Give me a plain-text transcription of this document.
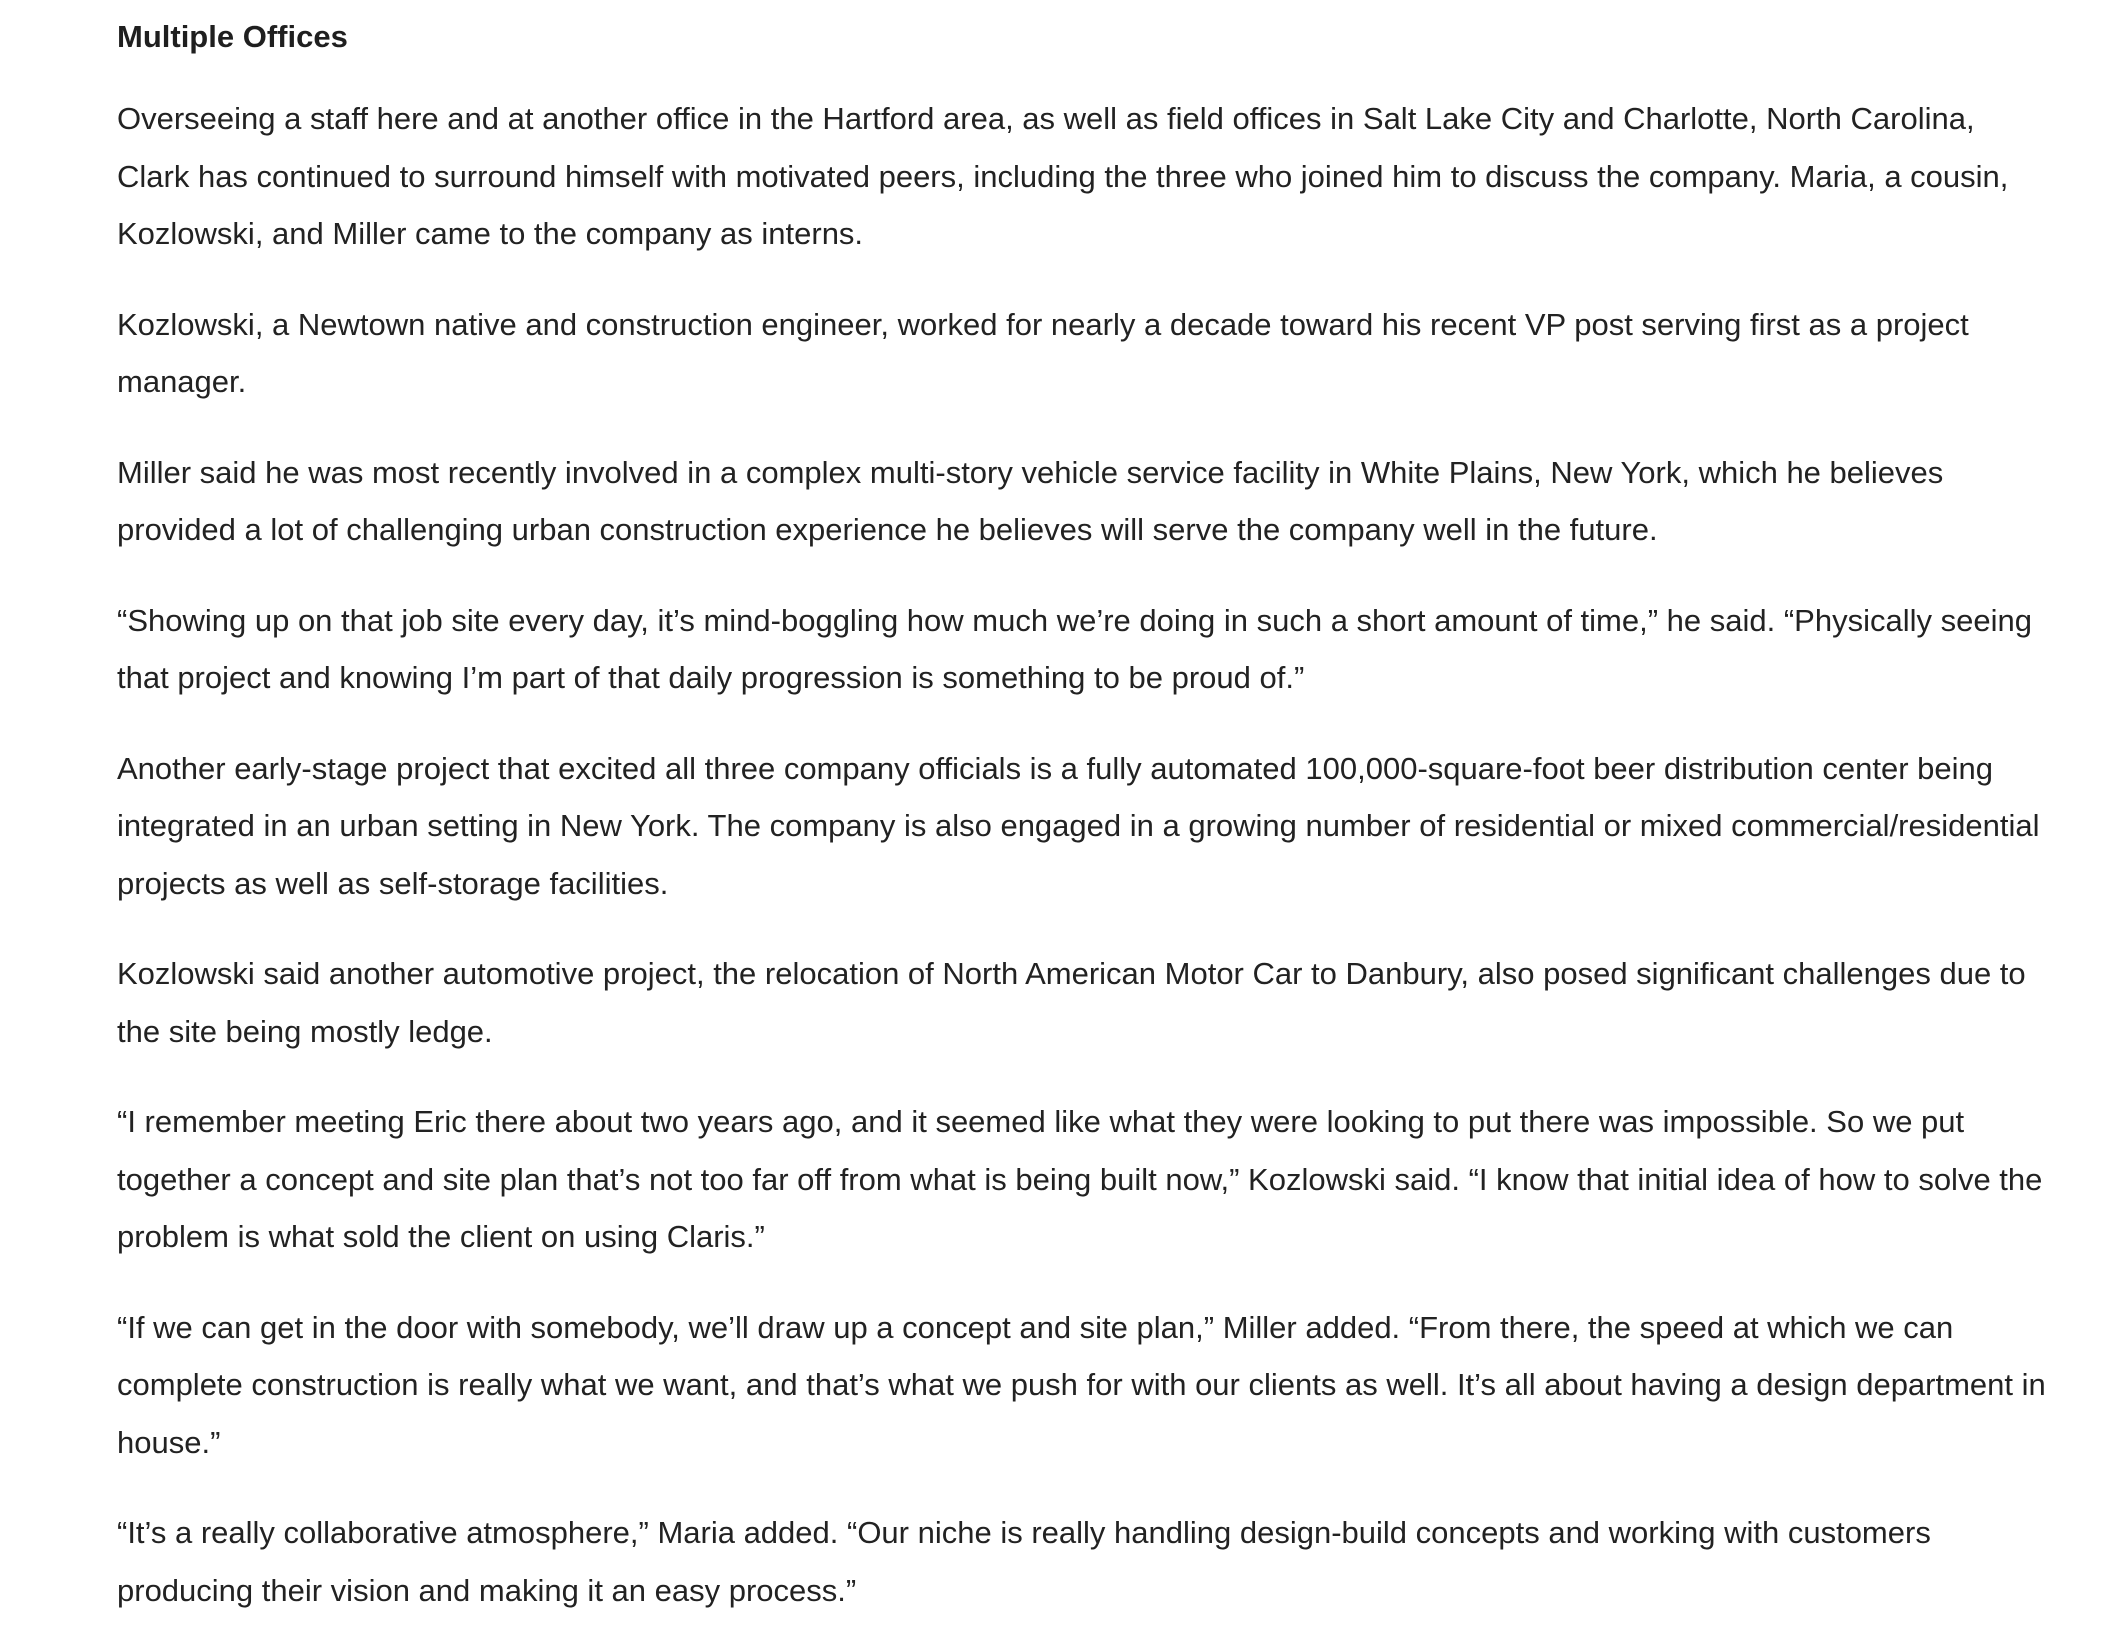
Multiple Offices

Overseeing a staff here and at another office in the Hartford area, as well as field offices in Salt Lake City and Charlotte, North Carolina, Clark has continued to surround himself with motivated peers, including the three who joined him to discuss the company. Maria, a cousin, Kozlowski, and Miller came to the company as interns.

Kozlowski, a Newtown native and construction engineer, worked for nearly a decade toward his recent VP post serving first as a project manager.

Miller said he was most recently involved in a complex multi-story vehicle service facility in White Plains, New York, which he believes provided a lot of challenging urban construction experience he believes will serve the company well in the future.

“Showing up on that job site every day, it’s mind-boggling how much we’re doing in such a short amount of time,” he said. “Physically seeing that project and knowing I’m part of that daily progression is something to be proud of.”

Another early-stage project that excited all three company officials is a fully automated 100,000-square-foot beer distribution center being integrated in an urban setting in New York. The company is also engaged in a growing number of residential or mixed commercial/residential projects as well as self-storage facilities.

Kozlowski said another automotive project, the relocation of North American Motor Car to Danbury, also posed significant challenges due to the site being mostly ledge.

“I remember meeting Eric there about two years ago, and it seemed like what they were looking to put there was impossible. So we put together a concept and site plan that’s not too far off from what is being built now,” Kozlowski said. “I know that initial idea of how to solve the problem is what sold the client on using Claris.”

“If we can get in the door with somebody, we’ll draw up a concept and site plan,” Miller added. “From there, the speed at which we can complete construction is really what we want, and that’s what we push for with our clients as well. It’s all about having a design department in house.”

“It’s a really collaborative atmosphere,” Maria added. “Our niche is really handling design-build concepts and working with customers producing their vision and making it an easy process.”
